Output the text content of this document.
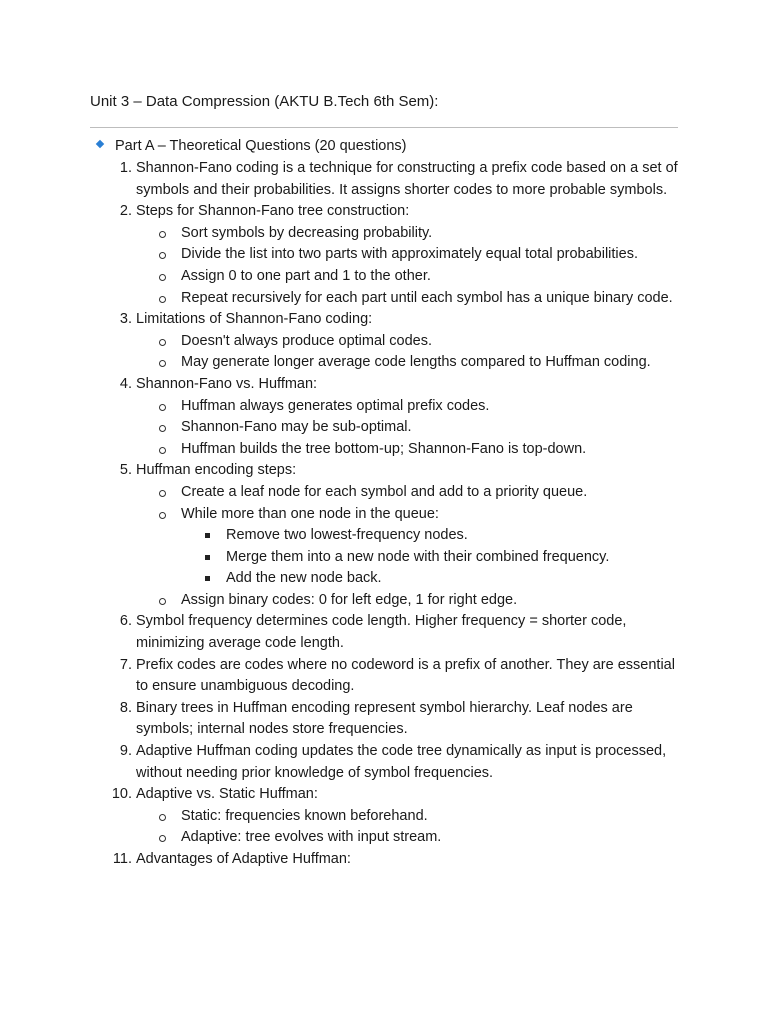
Unit 3 – Data Compression (AKTU B.Tech 6th Sem):
Part A – Theoretical Questions (20 questions)
1. Shannon-Fano coding is a technique for constructing a prefix code based on a set of symbols and their probabilities. It assigns shorter codes to more probable symbols.
2. Steps for Shannon-Fano tree construction:
Sort symbols by decreasing probability.
Divide the list into two parts with approximately equal total probabilities.
Assign 0 to one part and 1 to the other.
Repeat recursively for each part until each symbol has a unique binary code.
3. Limitations of Shannon-Fano coding:
Doesn't always produce optimal codes.
May generate longer average code lengths compared to Huffman coding.
4. Shannon-Fano vs. Huffman:
Huffman always generates optimal prefix codes.
Shannon-Fano may be sub-optimal.
Huffman builds the tree bottom-up; Shannon-Fano is top-down.
5. Huffman encoding steps:
Create a leaf node for each symbol and add to a priority queue.
While more than one node in the queue:
Remove two lowest-frequency nodes.
Merge them into a new node with their combined frequency.
Add the new node back.
Assign binary codes: 0 for left edge, 1 for right edge.
6. Symbol frequency determines code length. Higher frequency = shorter code, minimizing average code length.
7. Prefix codes are codes where no codeword is a prefix of another. They are essential to ensure unambiguous decoding.
8. Binary trees in Huffman encoding represent symbol hierarchy. Leaf nodes are symbols; internal nodes store frequencies.
9. Adaptive Huffman coding updates the code tree dynamically as input is processed, without needing prior knowledge of symbol frequencies.
10. Adaptive vs. Static Huffman:
Static: frequencies known beforehand.
Adaptive: tree evolves with input stream.
11. Advantages of Adaptive Huffman:
